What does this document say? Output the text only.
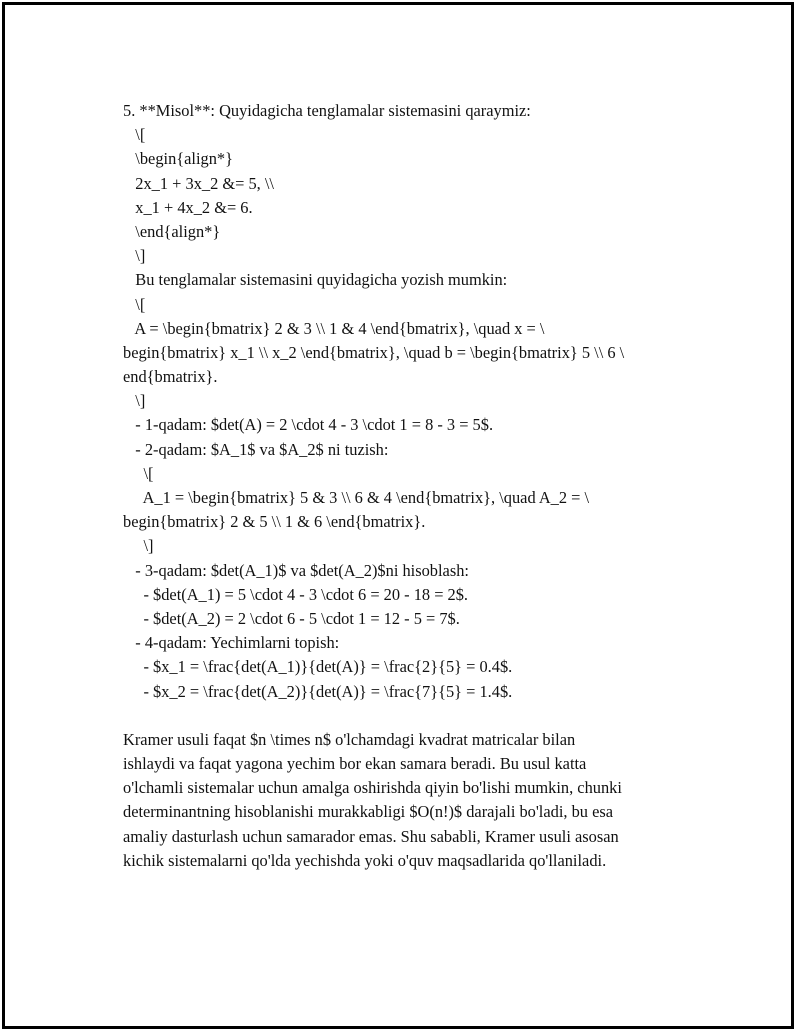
5. **Misol**: Quyidagicha tenglamalar sistemasini qaraymiz:
\[
\begin{align*}
2x_1 + 3x_2 &= 5, \\
x_1 + 4x_2 &= 6.
\end{align*}
\]
Bu tenglamalar sistemasini quyidagicha yozish mumkin:
\[
A = \begin{bmatrix} 2 & 3 \\ 1 & 4 \end{bmatrix}, \quad x = \
begin{bmatrix} x_1 \\ x_2 \end{bmatrix}, \quad b = \begin{bmatrix} 5 \\ 6 \
end{bmatrix}.
\]
- 1-qadam: $det(A) = 2 \cdot 4 - 3 \cdot 1 = 8 - 3 = 5$.
- 2-qadam: $A_1$ va $A_2$ ni tuzish:
\[
A_1 = \begin{bmatrix} 5 & 3 \\ 6 & 4 \end{bmatrix}, \quad A_2 = \
begin{bmatrix} 2 & 5 \\ 1 & 6 \end{bmatrix}.
\]
- 3-qadam: $det(A_1)$ va $det(A_2)$ni hisoblash:
- $det(A_1) = 5 \cdot 4 - 3 \cdot 6 = 20 - 18 = 2$.
- $det(A_2) = 2 \cdot 6 - 5 \cdot 1 = 12 - 5 = 7$.
- 4-qadam: Yechimlarni topish:
- $x_1 = \frac{det(A_1)}{det(A)} = \frac{2}{5} = 0.4$.
- $x_2 = \frac{det(A_2)}{det(A)} = \frac{7}{5} = 1.4$.
Kramer usuli faqat $n \times n$ o'lchamdagi kvadrat matricalar bilan
ishlaydi va faqat yagona yechim bor ekan samara beradi. Bu usul katta
o'lchamli sistemalar uchun amalga oshirishda qiyin bo'lishi mumkin, chunki
determinantning hisoblanishi murakkabligi $O(n!)$ darajali bo'ladi, bu esa
amaliy dasturlash uchun samarador emas. Shu sababli, Kramer usuli asosan
kichik sistemalarni qo'lda yechishda yoki o'quv maqsadlarida qo'llaniladi.
